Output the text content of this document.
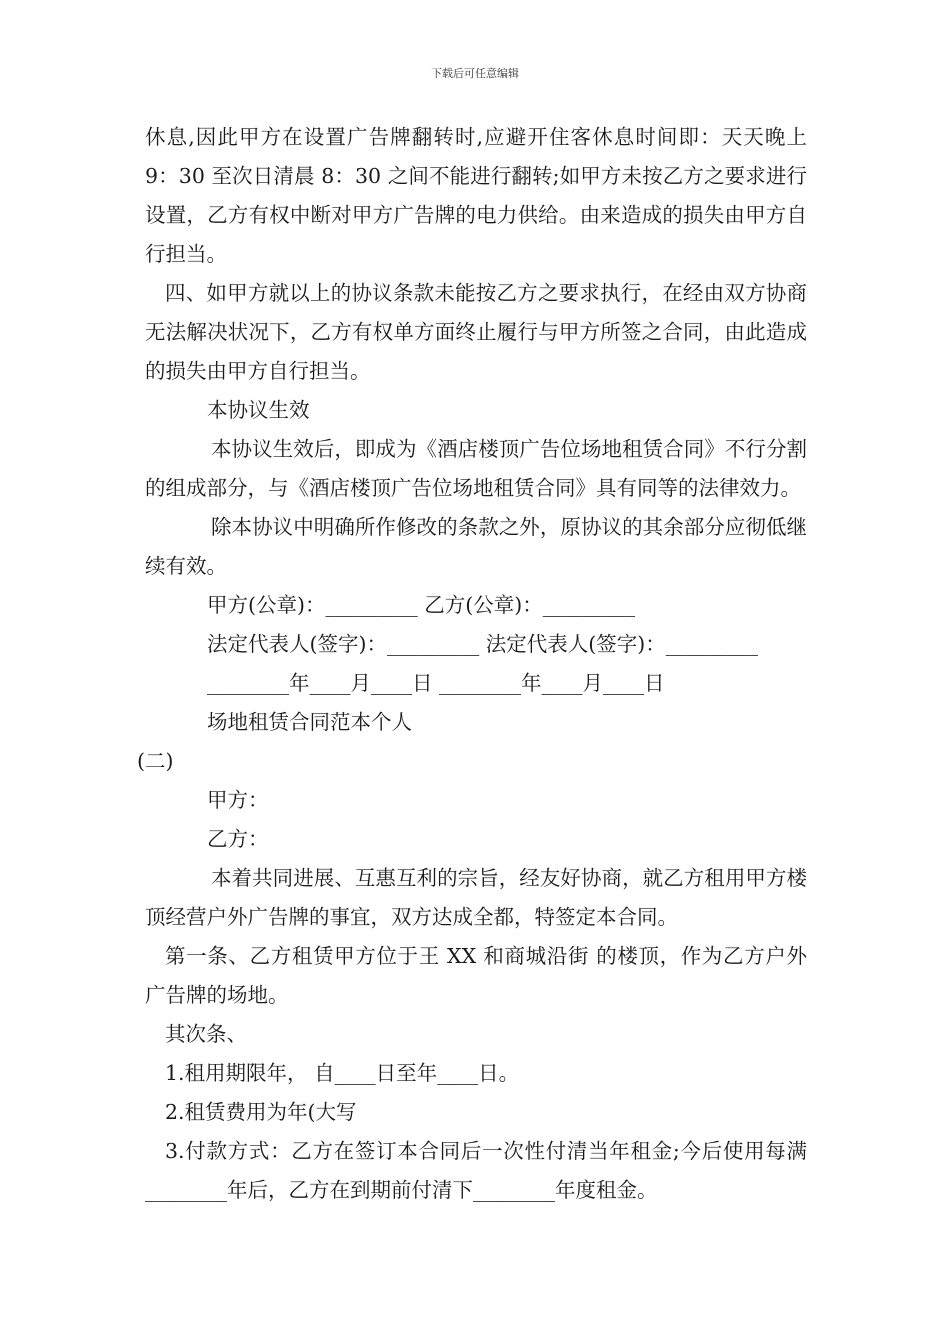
下载后可任意编辑

休息,因此甲方在设置广告牌翻转时,应避开住客休息时间即：天天晚上 9：30 至次日清晨 8：30 之间不能进行翻转;如甲方未按乙方之要求进行设置，乙方有权中断对甲方广告牌的电力供给。由来造成的损失由甲方自行担当。

四、如甲方就以上的协议条款未能按乙方之要求执行，在经由双方协商无法解决状况下，乙方有权单方面终止履行与甲方所签之合同，由此造成的损失由甲方自行担当。

本协议生效

本协议生效后，即成为《酒店楼顶广告位场地租赁合同》不行分割的组成部分，与《酒店楼顶广告位场地租赁合同》具有同等的法律效力。

除本协议中明确所作修改的条款之外，原协议的其余部分应彻低继续有效。

甲方(公章)：_________ 乙方(公章)：_________

法定代表人(签字)：_________ 法定代表人(签字)：_________

________年____月____日 ________年____月____日

场地租赁合同范本个人

(二)

甲方：

乙方：

本着共同进展、互惠互利的宗旨，经友好协商，就乙方租用甲方楼顶经营户外广告牌的事宜，双方达成全都，特签定本合同。

第一条、乙方租赁甲方位于王 XX 和商城沿街 的楼顶，作为乙方户外广告牌的场地。

其次条、

1.租用期限年， 自____日至年____日。

2.租赁费用为年(大写

3.付款方式：乙方在签订本合同后一次性付清当年租金;今后使用每满________年后，乙方在到期前付清下________年度租金。
